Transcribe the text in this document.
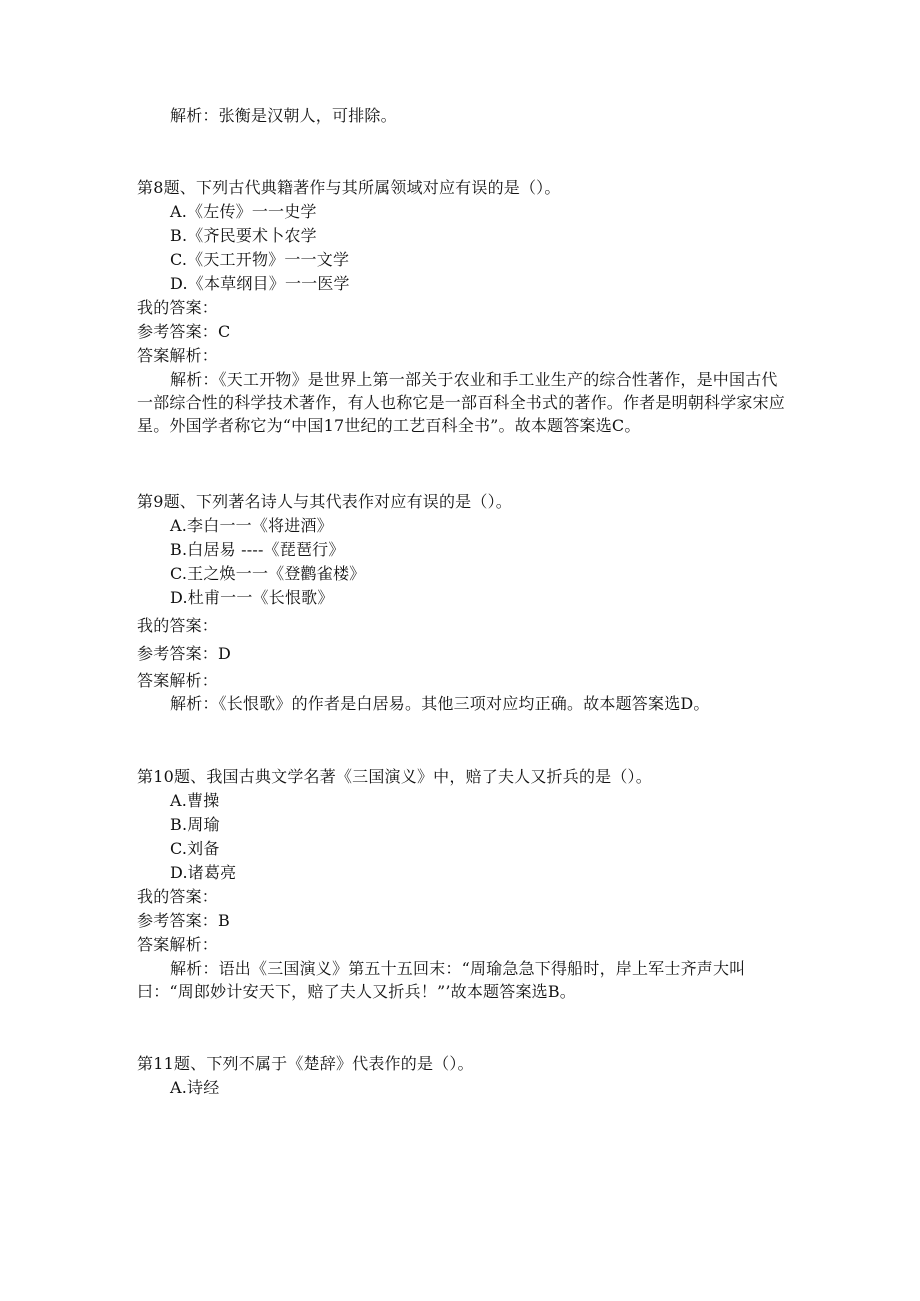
解析：张衡是汉朝人，可排除。
第8题、下列古代典籍著作与其所属领域对应有误的是（）。
A.《左传》一一史学
B.《齐民要术卜农学
C.《天工开物》一一文学
D.《本草纲目》一一医学
我的答案：
参考答案：C
答案解析：
解析：《天工开物》是世界上第一部关于农业和手工业生产的综合性著作，是中国古代一部综合性的科学技术著作，有人也称它是一部百科全书式的著作。作者是明朝科学家宋应星。外国学者称它为“中国17世纪的工艺百科全书”。故本题答案选C。
第9题、下列著名诗人与其代表作对应有误的是（）。
A.李白一一《将进酒》
B.白居易 ----《琵琶行》
C.王之焕一一《登鹳雀楼》
D.杜甫一一《长恨歌》
我的答案：
参考答案：D
答案解析：
解析：《长恨歌》的作者是白居易。其他三项对应均正确。故本题答案选D。
第10题、我国古典文学名著《三国演义》中，赔了夫人又折兵的是（）。
A.曹操
B.周瑜
C.刘备
D.诸葛亮
我的答案：
参考答案：B
答案解析：
解析：语出《三国演义》第五十五回末：“周瑜急急下得船时，岸上军士齐声大叫曰：“周郎妙计安天下，赔了夫人又折兵！”’故本题答案选B。
第11题、下列不属于《楚辞》代表作的是（）。
A.诗经
